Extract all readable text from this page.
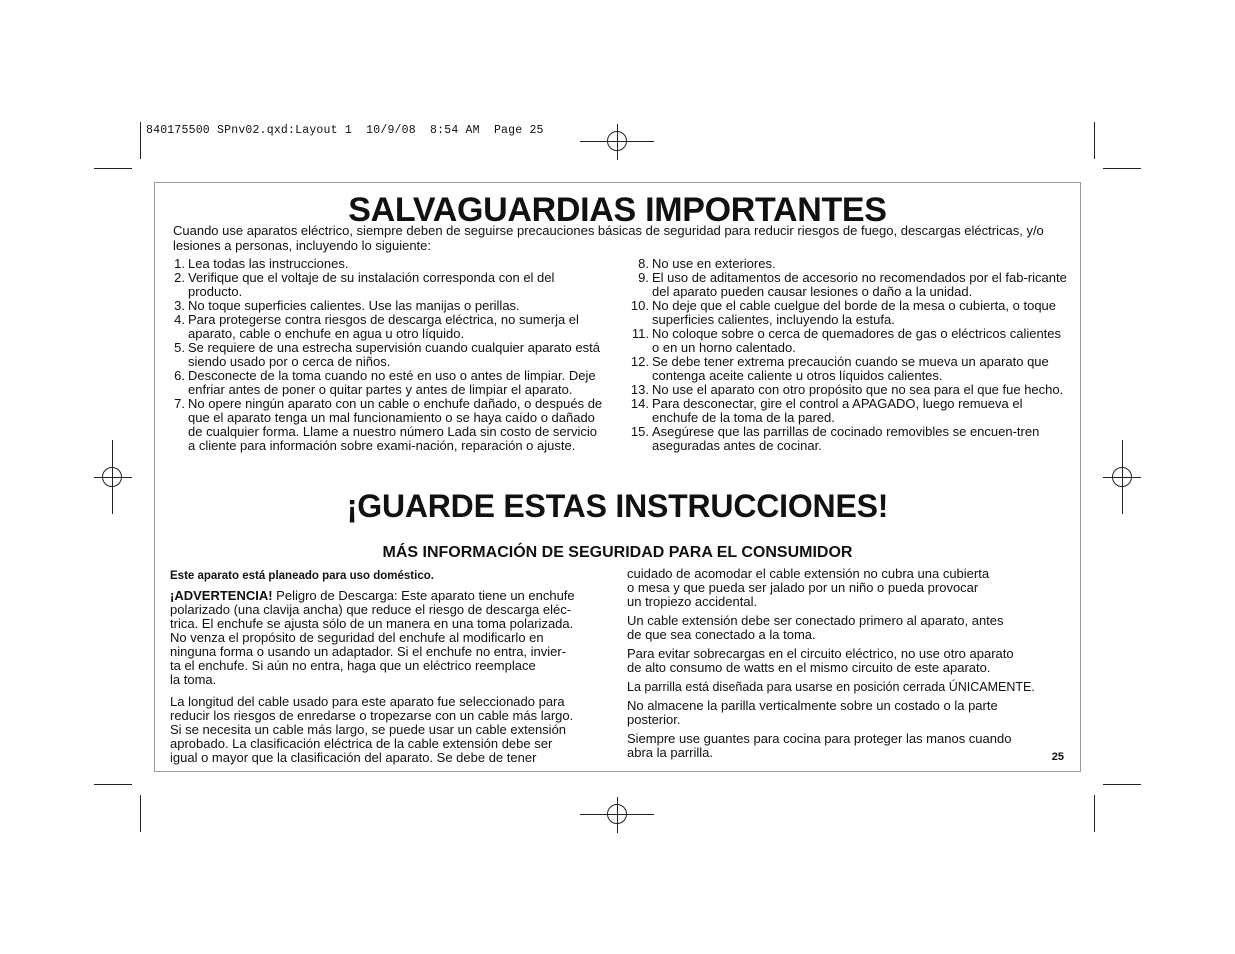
840175500 SPnv02.qxd:Layout 1  10/9/08  8:54 AM  Page 25
SALVAGUARDIAS IMPORTANTES

Cuando use aparatos eléctrico, siempre deben de seguirse precauciones básicas de seguridad para reducir riesgos de fuego, descargas eléctricas, y/o lesiones a personas, incluyendo lo siguiente:

1. Lea todas las instrucciones.
2. Verifique que el voltaje de su instalación corresponda con el del producto.
3. No toque superficies calientes. Use las manijas o perillas.
4. Para protegerse contra riesgos de descarga eléctrica, no sumerja el aparato, cable o enchufe en agua u otro líquido.
5. Se requiere de una estrecha supervisión cuando cualquier aparato está siendo usado por o cerca de niños.
6. Desconecte de la toma cuando no esté en uso o antes de limpiar. Deje enfriar antes de poner o quitar partes y antes de limpiar el aparato.
7. No opere ningún aparato con un cable o enchufe dañado, o después de que el aparato tenga un mal funcionamiento o se haya caído o dañado de cualquier forma. Llame a nuestro número Lada sin costo de servicio a cliente para información sobre exami-nación, reparación o ajuste.
8. No use en exteriores.
9. El uso de aditamentos de accesorio no recomendados por el fab-ricante del aparato pueden causar lesiones o daño a la unidad.
10. No deje que el cable cuelgue del borde de la mesa o cubierta, o toque superficies calientes, incluyendo la estufa.
11. No coloque sobre o cerca de quemadores de gas o eléctricos calientes o en un horno calentado.
12. Se debe tener extrema precaución cuando se mueva un aparato que contenga aceite caliente u otros líquidos calientes.
13. No use el aparato con otro propósito que no sea para el que fue hecho.
14. Para desconectar, gire el control a APAGADO, luego remueva el enchufe de la toma de la pared.
15. Asegúrese que las parrillas de cocinado removibles se encuen-tren aseguradas antes de cocinar.
¡GUARDE ESTAS INSTRUCCIONES!
MÁS INFORMACIÓN DE SEGURIDAD PARA EL CONSUMIDOR

Este aparato está planeado para uso doméstico.

¡ADVERTENCIA! Peligro de Descarga: Este aparato tiene un enchufe
polarizado (una clavija ancha) que reduce el riesgo de descarga eléc-
trica. El enchufe se ajusta sólo de un manera en una toma polarizada.
No venza el propósito de seguridad del enchufe al modificarlo en
ninguna forma o usando un adaptador. Si el enchufe no entra, invier-
ta el enchufe. Si aún no entra, haga que un eléctrico reemplace
la toma.

La longitud del cable usado para este aparato fue seleccionado para
reducir los riesgos de enredarse o tropezarse con un cable más largo.
Si se necesita un cable más largo, se puede usar un cable extensión
aprobado. La clasificación eléctrica de la cable extensión debe ser
igual o mayor que la clasificación del aparato. Se debe de tener

cuidado de acomodar el cable extensión no cubra una cubierta
o mesa y que pueda ser jalado por un niño o pueda provocar
un tropiezo accidental.

Un cable extensión debe ser conectado primero al aparato, antes
de que sea conectado a la toma.

Para evitar sobrecargas en el circuito eléctrico, no use otro aparato
de alto consumo de watts en el mismo circuito de este aparato.

La parrilla está diseñada para usarse en posición cerrada ÚNICAMENTE.

No almacene la parilla verticalmente sobre un costado o la parte
posterior.

Siempre use guantes para cocina para proteger las manos cuando
abra la parrilla.	25
